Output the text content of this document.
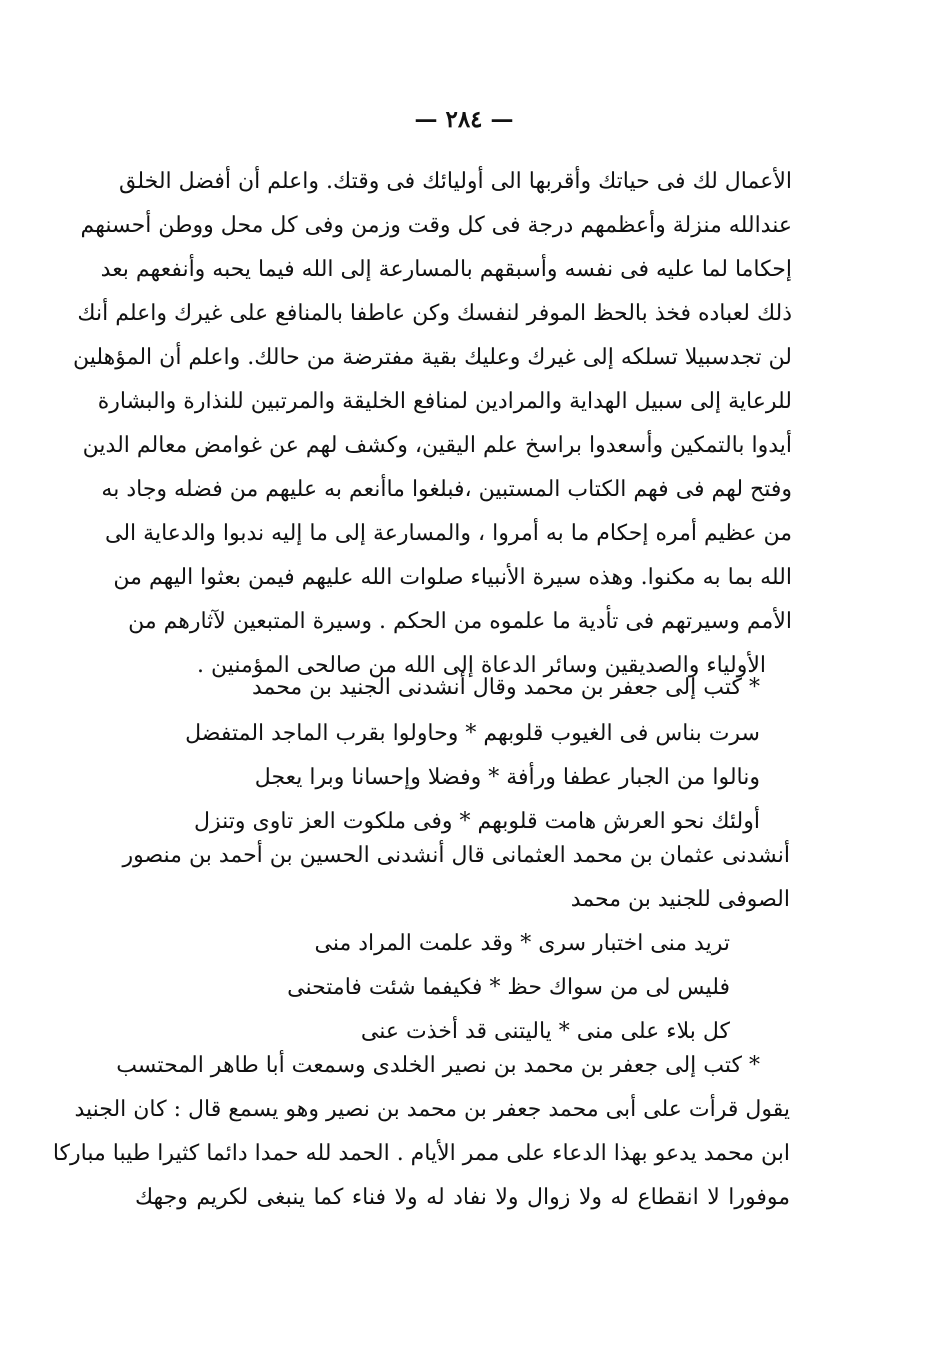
— ٢٨٤ —
الأعمال لك فى حياتك وأقربها الى أوليائك فى وقتك. واعلم أن أفضل الخلق
عندالله منزلة وأعظمهم درجة فى كل وقت وزمن وفى كل محل ووطن أحسنهم
إحكاما لما عليه فى نفسه وأسبقهم بالمسارعة إلى الله فيما يحبه وأنفعهم بعد
ذلك لعباده فخذ بالحظ الموفر لنفسك وكن عاطفا بالمنافع على غيرك واعلم أنك
لن تجدسبيلا تسلكه إلى غيرك وعليك بقية مفترضة من حالك. واعلم أن المؤهلين
للرعاية إلى سبيل الهداية والمرادين لمنافع الخليقة والمرتبين للنذارة والبشارة
أيدوا بالتمكين وأسعدوا براسخ علم اليقين، وكشف لهم عن غوامض معالم الدين
وفتح لهم فى فهم الكتاب المستبين ،فبلغوا ماأنعم به عليهم من فضله وجاد به
من عظيم أمره إحكام ما به أمروا ، والمسارعة إلى ما إليه ندبوا والدعاية الى
الله بما به مكنوا. وهذه سيرة الأنبياء صلوات الله عليهم فيمن بعثوا اليهم من
الأمم وسيرتهم فى تأدية ما علموه من الحكم . وسيرة المتبعين لآثارهم من
الأولياء والصديقين وسائر الدعاة إلى الله من صالحى المؤمنين .
* كتب إلى جعفر بن محمد وقال أنشدنى الجنيد بن محمد
سرت بناس فى الغيوب قلوبهم * وحاولوا بقرب الماجد المتفضل
ونالوا من الجبار عطفا ورأفة * وفضلا وإحسانا وبرا يعجل
أولئك نحو العرش هامت قلوبهم * وفى ملكوت العز تاوى وتنزل
أنشدنى عثمان بن محمد العثمانى قال أنشدنى الحسين بن أحمد بن منصور
الصوفى للجنيد بن محمد
تريد منى اختبار سرى * وقد علمت المراد منى
فليس لى من سواك حظ * فكيفما شئت فامتحنى
كل بلاء على منى * ياليتنى قد أخذت عنى
* كتب إلى جعفر بن محمد بن نصير الخلدى وسمعت أبا طاهر المحتسب
يقول قرأت على أبى محمد جعفر بن محمد بن نصير وهو يسمع قال : كان الجنيد
ابن محمد يدعو بهذا الدعاء على ممر الأيام . الحمد لله حمدا دائما كثيرا طيبا مباركا
موفورا لا انقطاع له ولا زوال ولا نفاد له ولا فناء كما ينبغى لكريم وجهك
